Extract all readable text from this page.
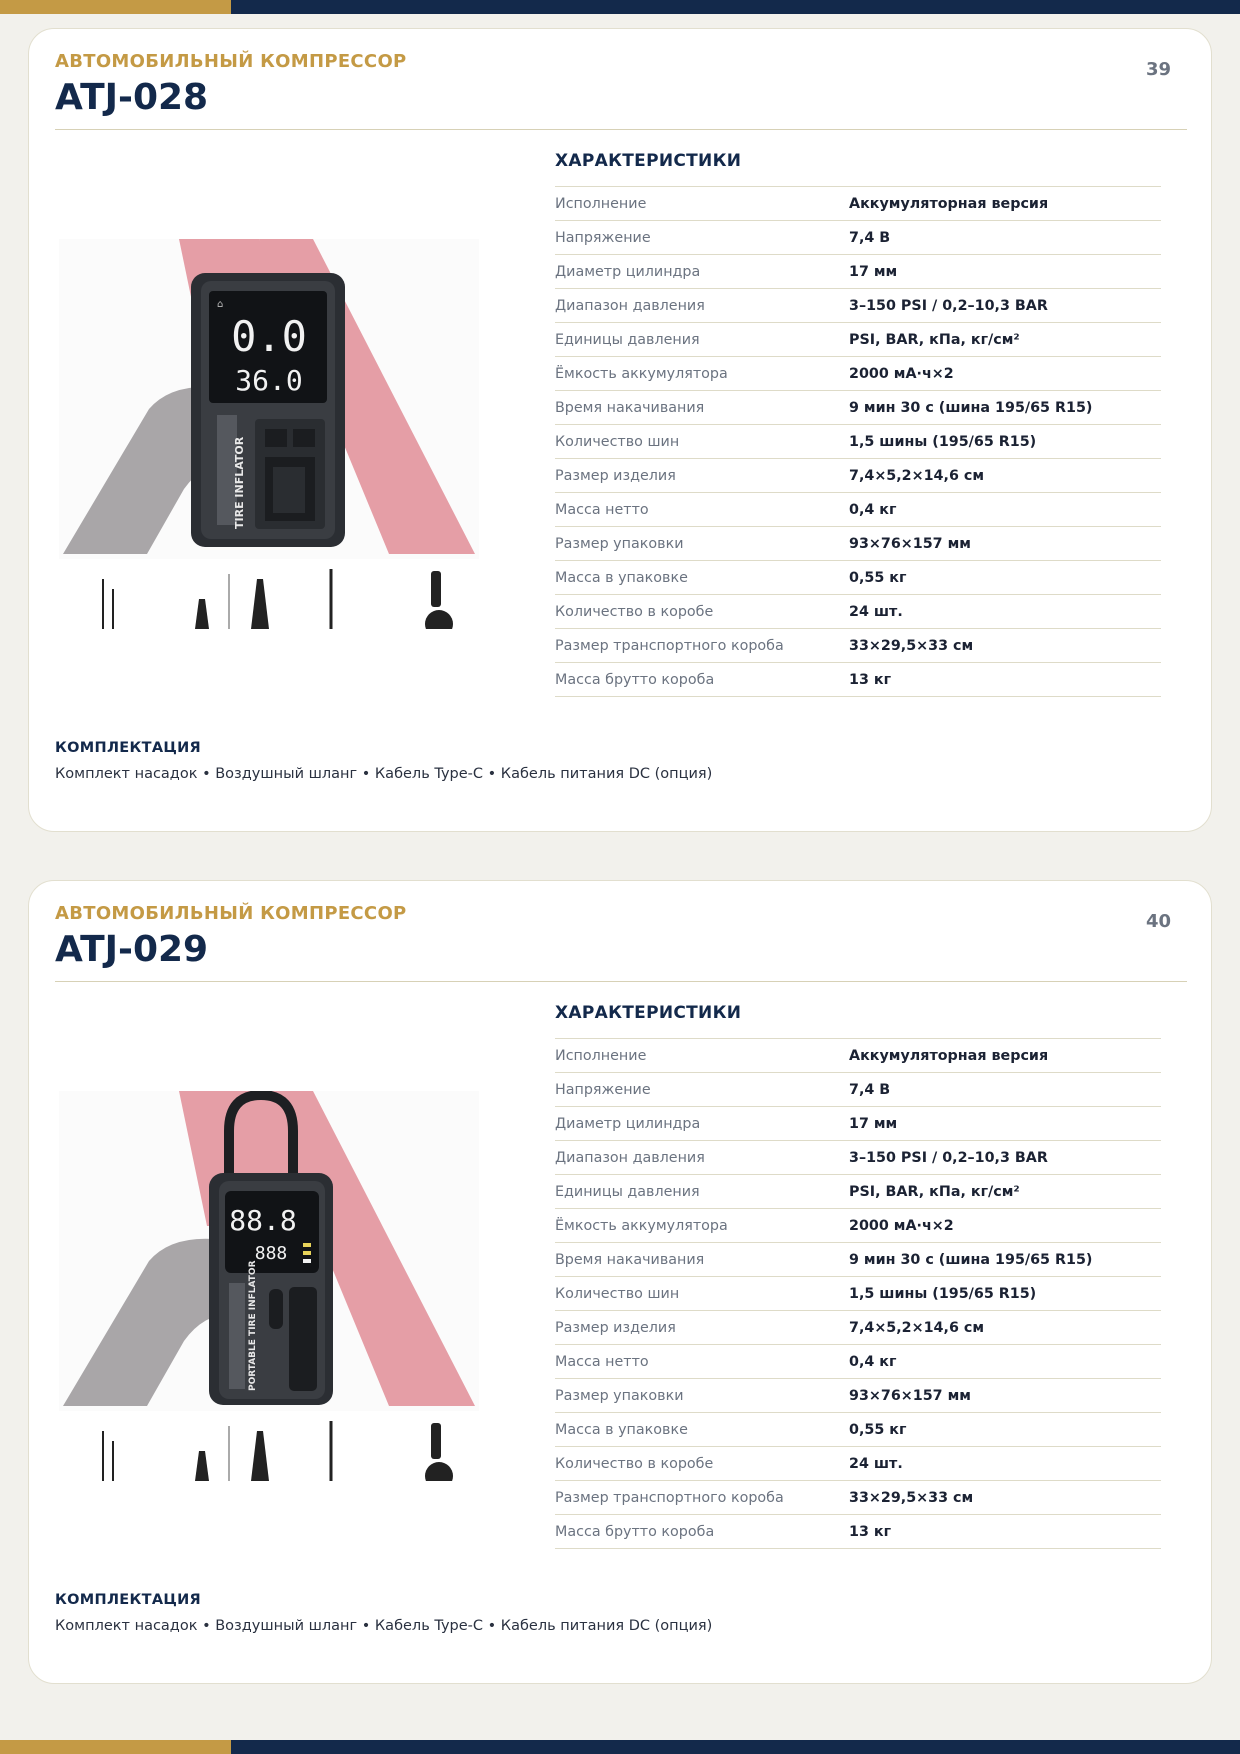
АВТОМОБИЛЬНЫЙ КОМПРЕССОР
ATJ-028
39
⌂
0.0
36.0
TIRE INFLATOR
ХАРАКТЕРИСТИКИ
Исполнение	Аккумуляторная версия
Напряжение	7,4 В
Диаметр цилиндра	17 мм
Диапазон давления	3–150 PSI / 0,2–10,3 BAR
Единицы давления	PSI, BAR, кПа, кг/см²
Ёмкость аккумулятора	2000 мА·ч×2
Время накачивания	9 мин 30 с (шина 195/65 R15)
Количество шин	1,5 шины (195/65 R15)
Размер изделия	7,4×5,2×14,6 см
Масса нетто	0,4 кг
Размер упаковки	93×76×157 мм
Масса в упаковке	0,55 кг
Количество в коробе	24 шт.
Размер транспортного короба	33×29,5×33 см
Масса брутто короба	13 кг
КОМПЛЕКТАЦИЯ
Комплект насадок • Воздушный шланг • Кабель Type-C • Кабель питания DC (опция)
АВТОМОБИЛЬНЫЙ КОМПРЕССОР
ATJ-029
40
88.8
888
PORTABLE TIRE INFLATOR
ХАРАКТЕРИСТИКИ
Исполнение	Аккумуляторная версия
Напряжение	7,4 В
Диаметр цилиндра	17 мм
Диапазон давления	3–150 PSI / 0,2–10,3 BAR
Единицы давления	PSI, BAR, кПа, кг/см²
Ёмкость аккумулятора	2000 мА·ч×2
Время накачивания	9 мин 30 с (шина 195/65 R15)
Количество шин	1,5 шины (195/65 R15)
Размер изделия	7,4×5,2×14,6 см
Масса нетто	0,4 кг
Размер упаковки	93×76×157 мм
Масса в упаковке	0,55 кг
Количество в коробе	24 шт.
Размер транспортного короба	33×29,5×33 см
Масса брутто короба	13 кг
КОМПЛЕКТАЦИЯ
Комплект насадок • Воздушный шланг • Кабель Type-C • Кабель питания DC (опция)
